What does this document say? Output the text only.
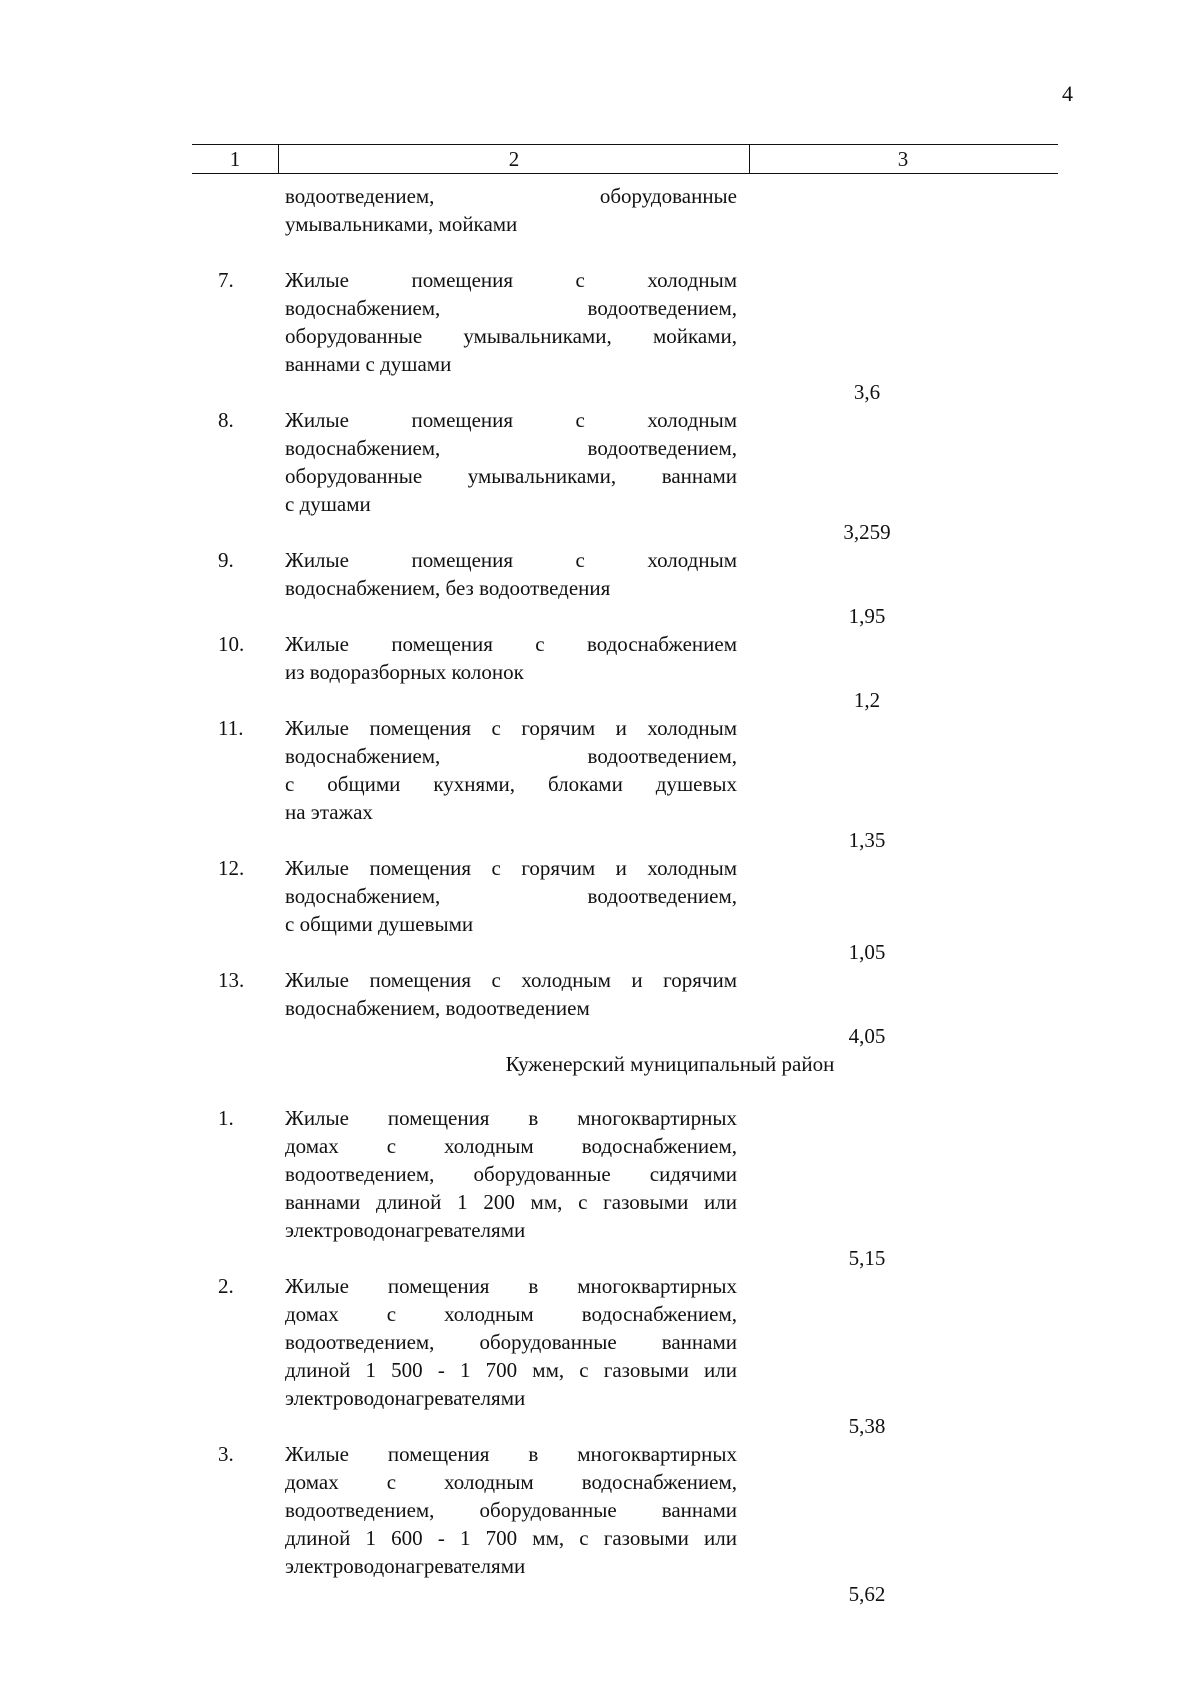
4
1	2	3
водоотведением, оборудованные
умывальниками, мойками
7.	Жилые помещения с холодным
водоснабжением, водоотведением,
оборудованные умывальниками, мойками,
ваннами с душами
3,6
8.	Жилые помещения с холодным
водоснабжением, водоотведением,
оборудованные умывальниками, ваннами
с душами
3,259
9.	Жилые помещения с холодным
водоснабжением, без водоотведения
1,95
10.	Жилые помещения с водоснабжением
из водоразборных колонок
1,2
11.	Жилые помещения с горячим и холодным
водоснабжением, водоотведением,
с общими кухнями, блоками душевых
на этажах
1,35
12.	Жилые помещения с горячим и холодным
водоснабжением, водоотведением,
с общими душевыми
1,05
13.	Жилые помещения с холодным и горячим
водоснабжением, водоотведением
4,05
Куженерский муниципальный район
1.	Жилые помещения в многоквартирных
домах с холодным водоснабжением,
водоотведением, оборудованные сидячими
ваннами длиной 1 200 мм, с газовыми или
электроводонагревателями
5,15
2.	Жилые помещения в многоквартирных
домах с холодным водоснабжением,
водоотведением, оборудованные ваннами
длиной 1 500 - 1 700 мм, с газовыми или
электроводонагревателями
5,38
3.	Жилые помещения в многоквартирных
домах с холодным водоснабжением,
водоотведением, оборудованные ваннами
длиной 1 600 - 1 700 мм, с газовыми или
электроводонагревателями
5,62
